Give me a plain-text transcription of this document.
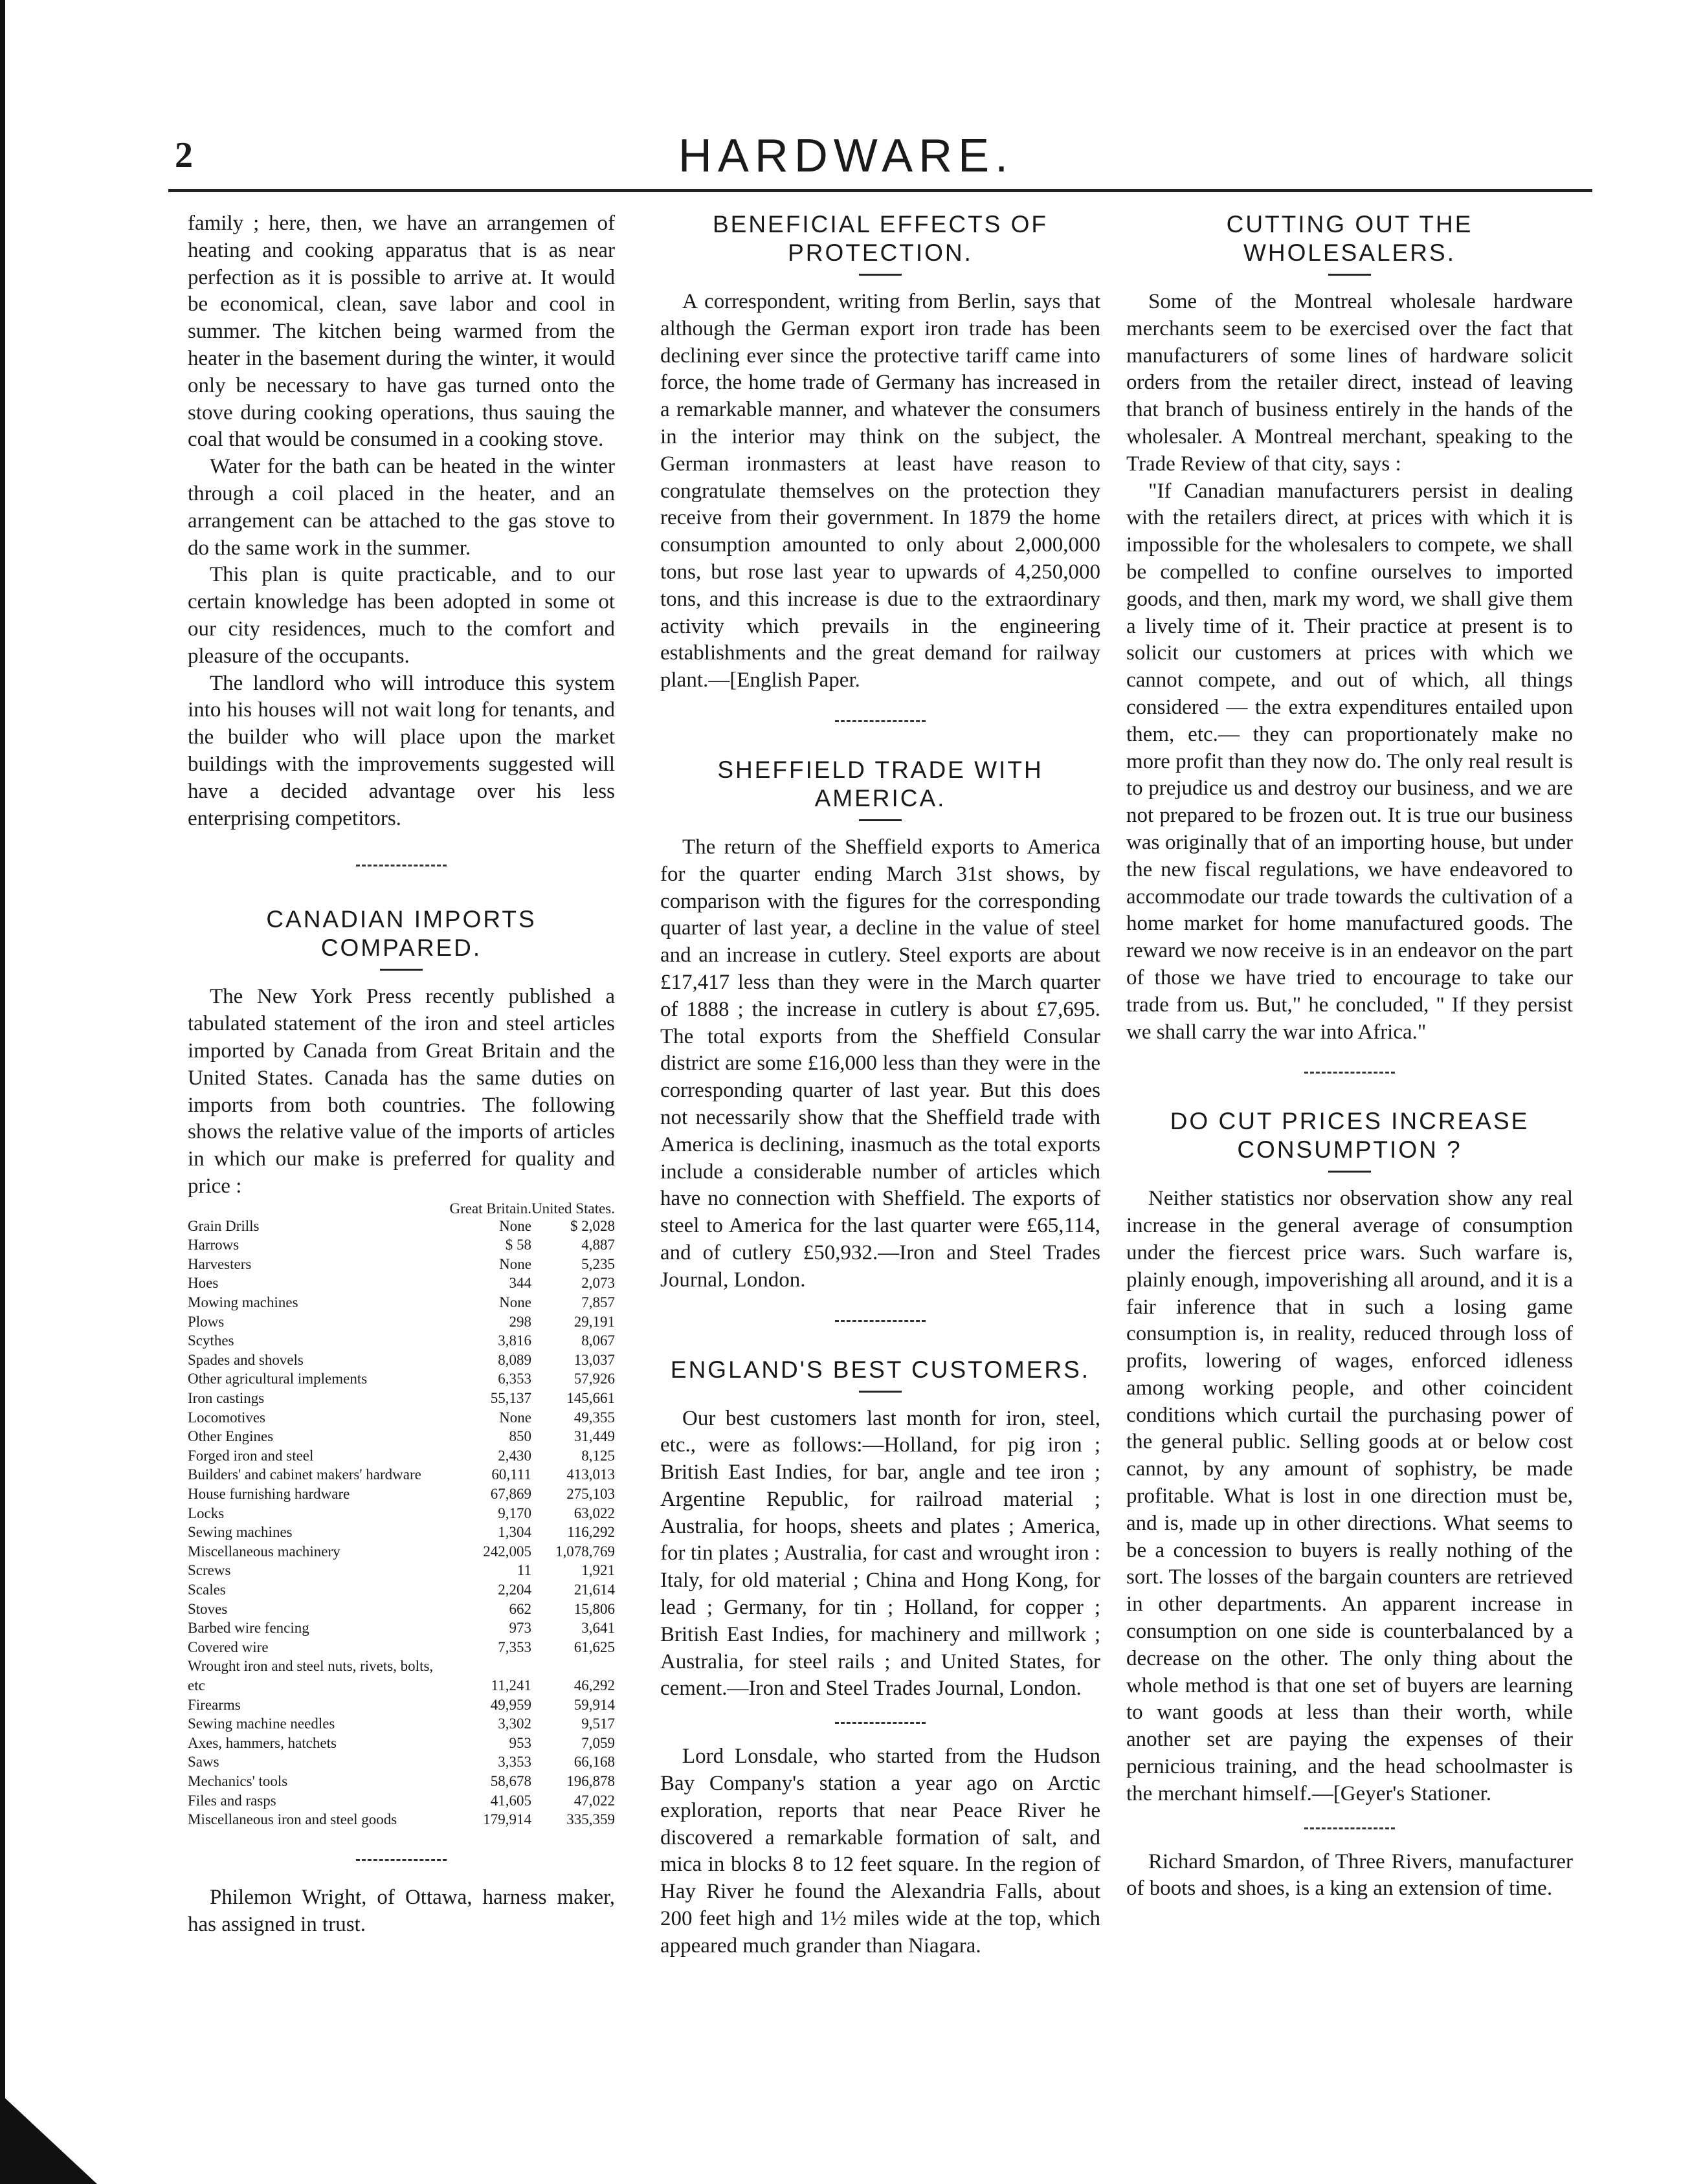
2	HARDWARE.

family ; here, then, we have an arrangemen of heating and cooking apparatus that is as near perfection as it is possible to arrive at. It would be economical, clean, save labor and cool in summer. The kitchen being warmed from the heater in the basement during the winter, it would only be necessary to have gas turned onto the stove during cooking operations, thus sauing the coal that would be consumed in a cooking stove.

Water for the bath can be heated in the winter through a coil placed in the heater, and an arrangement can be attached to the gas stove to do the same work in the summer.

This plan is quite practicable, and to our certain knowledge has been adopted in some ot our city residences, much to the comfort and pleasure of the occupants.

The landlord who will introduce this system into his houses will not wait long for tenants, and the builder who will place upon the market buildings with the improvements suggested will have a decided advantage over his less enterprising competitors.

CANADIAN IMPORTS COMPARED.

The New York Press recently published a tabulated statement of the iron and steel articles imported by Canada from Great Britain and the United States. Canada has the same duties on imports from both countries. The following shows the relative value of the imports of articles in which our make is preferred for quality and price :

	Great Britain.	United States.
Grain Drills	None	$ 2,028
Harrows	$ 58	4,887
Harvesters	None	5,235
Hoes	344	2,073
Mowing machines	None	7,857
Plows	298	29,191
Scythes	3,816	8,067
Spades and shovels	8,089	13,037
Other agricultural implements	6,353	57,926
Iron castings	55,137	145,661
Locomotives	None	49,355
Other Engines	850	31,449
Forged iron and steel	2,430	8,125
Builders' and cabinet makers' hardware	60,111	413,013
House furnishing hardware	67,869	275,103
Locks	9,170	63,022
Sewing machines	1,304	116,292
Miscellaneous machinery	242,005	1,078,769
Screws	11	1,921
Scales	2,204	21,614
Stoves	662	15,806
Barbed wire fencing	973	3,641
Covered wire	7,353	61,625
Wrought iron and steel nuts, rivets, bolts, etc	11,241	46,292
Firearms	49,959	59,914
Sewing machine needles	3,302	9,517
Axes, hammers, hatchets	953	7,059
Saws	3,353	66,168
Mechanics' tools	58,678	196,878
Files and rasps	41,605	47,022
Miscellaneous iron and steel goods	179,914	335,359

Philemon Wright, of Ottawa, harness maker, has assigned in trust.

BENEFICIAL EFFECTS OF PROTECTION.

A correspondent, writing from Berlin, says that although the German export iron trade has been declining ever since the protective tariff came into force, the home trade of Germany has increased in a remarkable manner, and whatever the consumers in the interior may think on the subject, the German ironmasters at least have reason to congratulate themselves on the protection they receive from their government. In 1879 the home consumption amounted to only about 2,000,000 tons, but rose last year to upwards of 4,250,000 tons, and this increase is due to the extraordinary activity which prevails in the engineering establishments and the great demand for railway plant.—[English Paper.

SHEFFIELD TRADE WITH AMERICA.

The return of the Sheffield exports to America for the quarter ending March 31st shows, by comparison with the figures for the corresponding quarter of last year, a decline in the value of steel and an increase in cutlery. Steel exports are about £17,417 less than they were in the March quarter of 1888 ; the increase in cutlery is about £7,695. The total exports from the Sheffield Consular district are some £16,000 less than they were in the corresponding quarter of last year. But this does not necessarily show that the Sheffield trade with America is declining, inasmuch as the total exports include a considerable number of articles which have no connection with Sheffield. The exports of steel to America for the last quarter were £65,114, and of cutlery £50,932.—Iron and Steel Trades Journal, London.

ENGLAND'S BEST CUSTOMERS.

Our best customers last month for iron, steel, etc., were as follows:—Holland, for pig iron ; British East Indies, for bar, angle and tee iron ; Argentine Republic, for railroad material ; Australia, for hoops, sheets and plates ; America, for tin plates ; Australia, for cast and wrought iron : Italy, for old material ; China and Hong Kong, for lead ; Germany, for tin ; Holland, for copper ; British East Indies, for machinery and millwork ; Australia, for steel rails ; and United States, for cement.—Iron and Steel Trades Journal, London.

Lord Lonsdale, who started from the Hudson Bay Company's station a year ago on Arctic exploration, reports that near Peace River he discovered a remarkable formation of salt, and mica in blocks 8 to 12 feet square. In the region of Hay River he found the Alexandria Falls, about 200 feet high and 1½ miles wide at the top, which appeared much grander than Niagara.

CUTTING OUT THE WHOLESALERS.

Some of the Montreal wholesale hardware merchants seem to be exercised over the fact that manufacturers of some lines of hardware solicit orders from the retailer direct, instead of leaving that branch of business entirely in the hands of the wholesaler. A Montreal merchant, speaking to the Trade Review of that city, says :

"If Canadian manufacturers persist in dealing with the retailers direct, at prices with which it is impossible for the wholesalers to compete, we shall be compelled to confine ourselves to imported goods, and then, mark my word, we shall give them a lively time of it. Their practice at present is to solicit our customers at prices with which we cannot compete, and out of which, all things considered — the extra expenditures entailed upon them, etc.— they can proportionately make no more profit than they now do. The only real result is to prejudice us and destroy our business, and we are not prepared to be frozen out. It is true our business was originally that of an importing house, but under the new fiscal regulations, we have endeavored to accommodate our trade towards the cultivation of a home market for home manufactured goods. The reward we now receive is in an endeavor on the part of those we have tried to encourage to take our trade from us. But," he concluded, " If they persist we shall carry the war into Africa."

DO CUT PRICES INCREASE CONSUMPTION ?

Neither statistics nor observation show any real increase in the general average of consumption under the fiercest price wars. Such warfare is, plainly enough, impoverishing all around, and it is a fair inference that in such a losing game consumption is, in reality, reduced through loss of profits, lowering of wages, enforced idleness among working people, and other coincident conditions which curtail the purchasing power of the general public. Selling goods at or below cost cannot, by any amount of sophistry, be made profitable. What is lost in one direction must be, and is, made up in other directions. What seems to be a concession to buyers is really nothing of the sort. The losses of the bargain counters are retrieved in other departments. An apparent increase in consumption on one side is counterbalanced by a decrease on the other. The only thing about the whole method is that one set of buyers are learning to want goods at less than their worth, while another set are paying the expenses of their pernicious training, and the head schoolmaster is the merchant himself.—[Geyer's Stationer.

Richard Smardon, of Three Rivers, manufacturer of boots and shoes, is a king an extension of time.
